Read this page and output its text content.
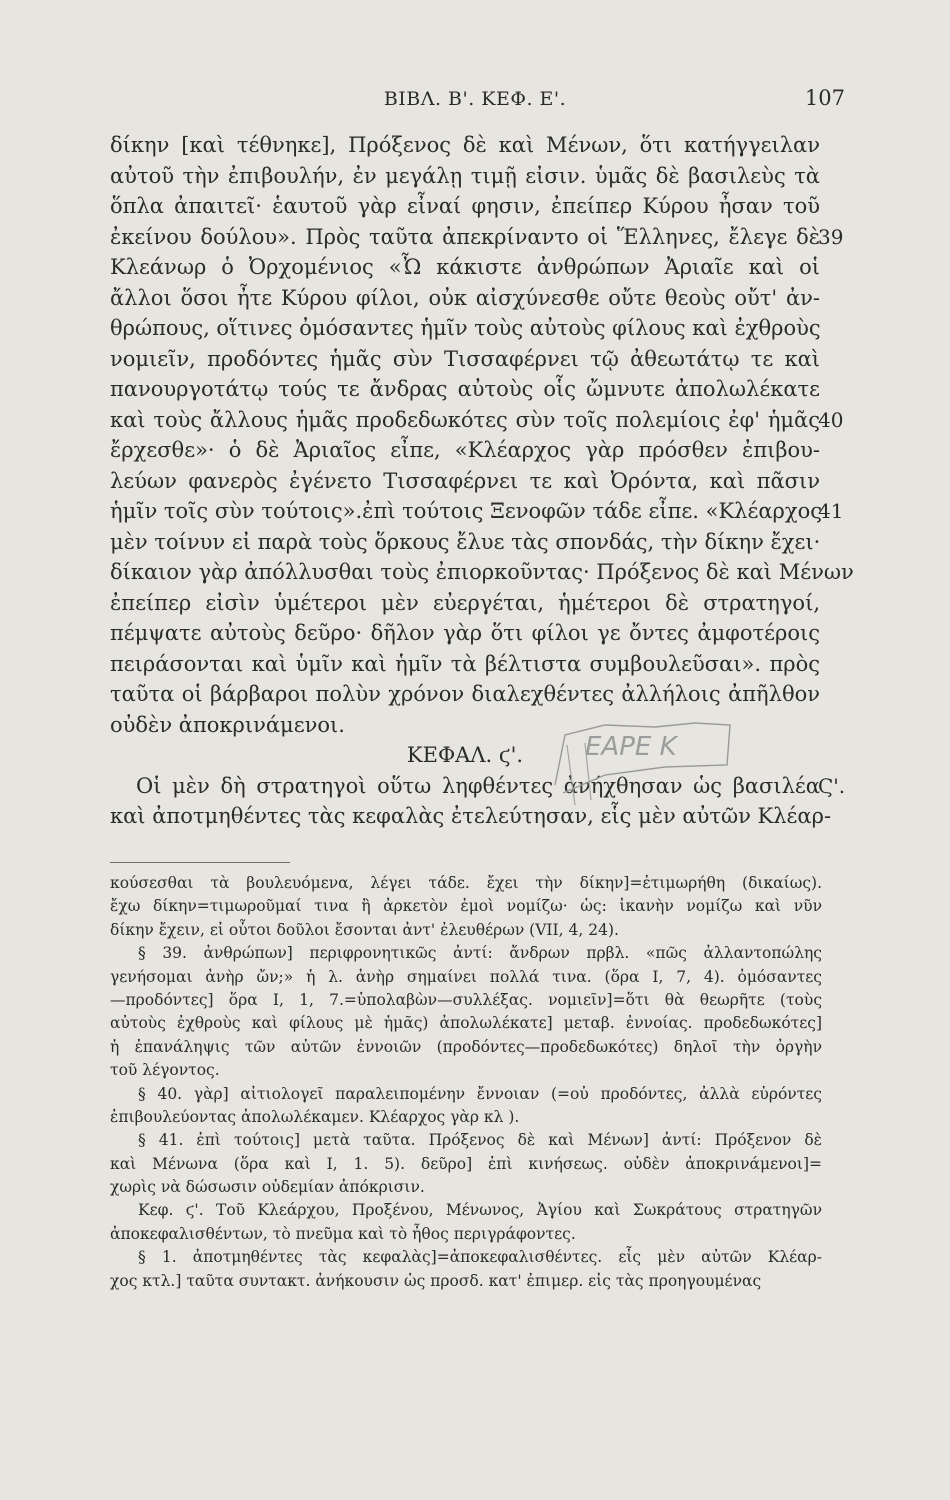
ΒΙΒΛ. Β'. ΚΕΦ. Ε'.	107
δίκην [καὶ τέθνηκε], Πρόξενος δὲ καὶ Μένων, ὅτι κατήγγειλαν
αὐτοῦ τὴν ἐπιβουλήν, ἐν μεγάλῃ τιμῇ εἰσιν. ὑμᾶς δὲ βασιλεὺς τὰ
ὅπλα ἀπαιτεῖ· ἑαυτοῦ γὰρ εἶναί φησιν, ἐπείπερ Κύρου ἦσαν τοῦ
ἐκείνου δούλου». Πρὸς ταῦτα ἀπεκρίναντο οἱ Ἕλληνες, ἔλεγε δὲ
39
Κλεάνωρ ὁ Ὀρχομένιος «Ὦ κάκιστε ἀνθρώπων Ἀριαῖε καὶ οἱ
ἄλλοι ὅσοι ἦτε Κύρου φίλοι, οὐκ αἰσχύνεσθε οὔτε θεοὺς οὔτ' ἀν-
θρώπους, οἵτινες ὀμόσαντες ἡμῖν τοὺς αὐτοὺς φίλους καὶ ἐχθροὺς
νομιεῖν, προδόντες ἡμᾶς σὺν Τισσαφέρνει τῷ ἀθεωτάτῳ τε καὶ
πανουργοτάτῳ τούς τε ἄνδρας αὐτοὺς οἷς ὤμνυτε ἀπολωλέκατε
καὶ τοὺς ἄλλους ἡμᾶς προδεδωκότες σὺν τοῖς πολεμίοις ἐφ' ἡμᾶς
40
ἔρχεσθε»· ὁ δὲ Ἀριαῖος εἶπε, «Κλέαρχος γὰρ πρόσθεν ἐπιβου-
λεύων φανερὸς ἐγένετο Τισσαφέρνει τε καὶ Ὀρόντα, καὶ πᾶσιν
ἡμῖν τοῖς σὺν τούτοις».ἐπὶ τούτοις Ξενοφῶν τάδε εἶπε. «Κλέαρχος
41
μὲν τοίνυν εἰ παρὰ τοὺς ὅρκους ἔλυε τὰς σπονδάς, τὴν δίκην ἔχει·
δίκαιον γὰρ ἀπόλλυσθαι τοὺς ἐπιορκοῦντας· Πρόξενος δὲ καὶ Μένων
ἐπείπερ εἰσὶν ὑμέτεροι μὲν εὐεργέται, ἡμέτεροι δὲ στρατηγοί,
πέμψατε αὐτοὺς δεῦρο· δῆλον γὰρ ὅτι φίλοι γε ὄντες ἀμφοτέροις
πειράσονται καὶ ὑμῖν καὶ ἡμῖν τὰ βέλτιστα συμβουλεῦσαι». πρὸς
ταῦτα οἱ βάρβαροι πολὺν χρόνον διαλεχθέντες ἀλλήλοις ἀπῆλθον
οὐδὲν ἀποκρινάμενοι.
ΚΕΦΑΛ. ϛ'.
Οἱ μὲν δὴ στρατηγοὶ οὕτω ληφθέντες ἀνήχθησαν ὡς βασιλέα
Ϛ'.
καὶ ἀποτμηθέντες τὰς κεφαλὰς ἐτελεύτησαν, εἷς μὲν αὐτῶν Κλέαρ-
ΕΑΡΕ Κ
κούσεσθαι τὰ βουλευόμενα, λέγει τάδε. ἔχει τὴν δίκην]=ἐτιμωρήθη (δικαίως).
ἔχω δίκην=τιμωροῦμαί τινα ἢ ἀρκετὸν ἐμοὶ νομίζω· ὡς: ἱκανὴν νομίζω καὶ νῦν
δίκην ἔχειν, εἰ οὗτοι δοῦλοι ἔσονται ἀντ' ἐλευθέρων (VII, 4, 24).
§ 39. ἀνθρώπων] περιφρονητικῶς ἀντί: ἄνδρων πρβλ. «πῶς ἀλλαντοπώλης
γενήσομαι ἀνὴρ ὤν;» ἡ λ. ἀνὴρ σημαίνει πολλά τινα. (ὅρα I, 7, 4). ὀμόσαντες
—προδόντες] ὅρα I, 1, 7.=ὑπολαβὼν—συλλέξας. νομιεῖν]=ὅτι θὰ θεωρῆτε (τοὺς
αὐτοὺς ἐχθροὺς καὶ φίλους μὲ ἡμᾶς) ἀπολωλέκατε] μεταβ. ἐννοίας. προδεδωκότες]
ἡ ἐπανάληψις τῶν αὐτῶν ἐννοιῶν (προδόντες—προδεδωκότες) δηλοῖ τὴν ὀργὴν
τοῦ λέγοντος.
§ 40. γὰρ] αἰτιολογεῖ παραλειπομένην ἔννοιαν (=οὐ προδόντες, ἀλλὰ εὑρόντες
ἐπιβουλεύοντας ἀπολωλέκαμεν. Κλέαρχος γὰρ κλ ).
§ 41. ἐπὶ τούτοις] μετὰ ταῦτα. Πρόξενος δὲ καὶ Μένων] ἀντί: Πρόξενον δὲ
καὶ Μένωνα (ὅρα καὶ I, 1. 5). δεῦρο] ἐπὶ κινήσεως. οὐδὲν ἀποκρινάμενοι]=
χωρὶς νὰ δώσωσιν οὐδεμίαν ἀπόκρισιν.
Κεφ. ϛ'. Τοῦ Κλεάρχου, Προξένου, Μένωνος, Ἀγίου καὶ Σωκράτους στρατηγῶν
ἀποκεφαλισθέντων, τὸ πνεῦμα καὶ τὸ ἦθος περιγράφοντες.
§ 1. ἀποτμηθέντες τὰς κεφαλὰς]=ἀποκεφαλισθέντες. εἷς μὲν αὐτῶν Κλέαρ-
χος κτλ.] ταῦτα συντακτ. ἀνήκουσιν ὡς προσδ. κατ' ἐπιμερ. εἰς τὰς προηγουμένας
